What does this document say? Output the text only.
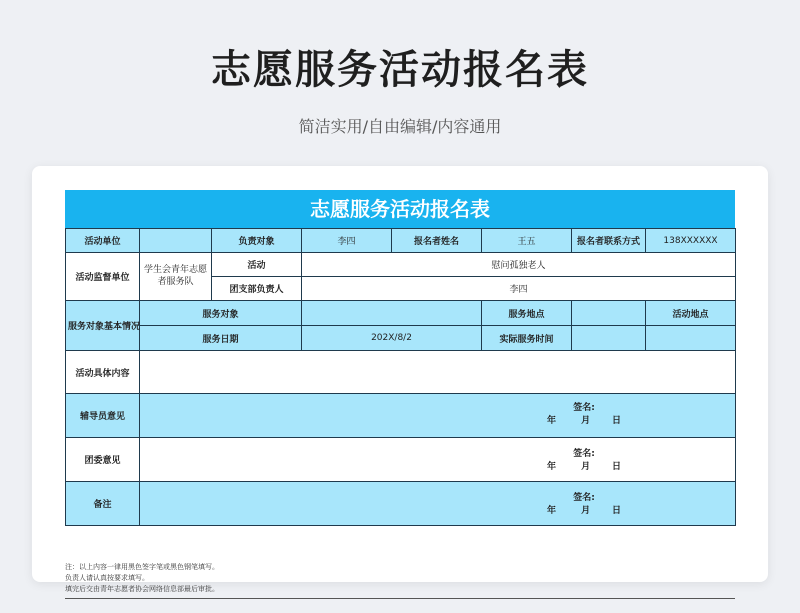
志愿服务活动报名表
简洁实用/自由编辑/内容通用
志愿服务活动报名表
活动单位		负责对象	李四	报名者姓名	王五	报名者联系方式	138XXXXXX
活动监督单位	学生会青年志愿者服务队	活动	慰问孤独老人				
		团支部负责人	李四				
服务对象基本情况	服务对象				服务地点		活动地点
	服务日期		202X/8/2		实际服务时间		
活动具体内容							
辅导员意见	签名:
年 月 日						

团委意见	签名:
年 月 日						

备注	签名:
年 月 日						
注：以上内容一律用黑色签字笔或黑色钢笔填写。
负责人请认真按要求填写。
填完后交由青年志愿者协会网络信息部最后审批。
